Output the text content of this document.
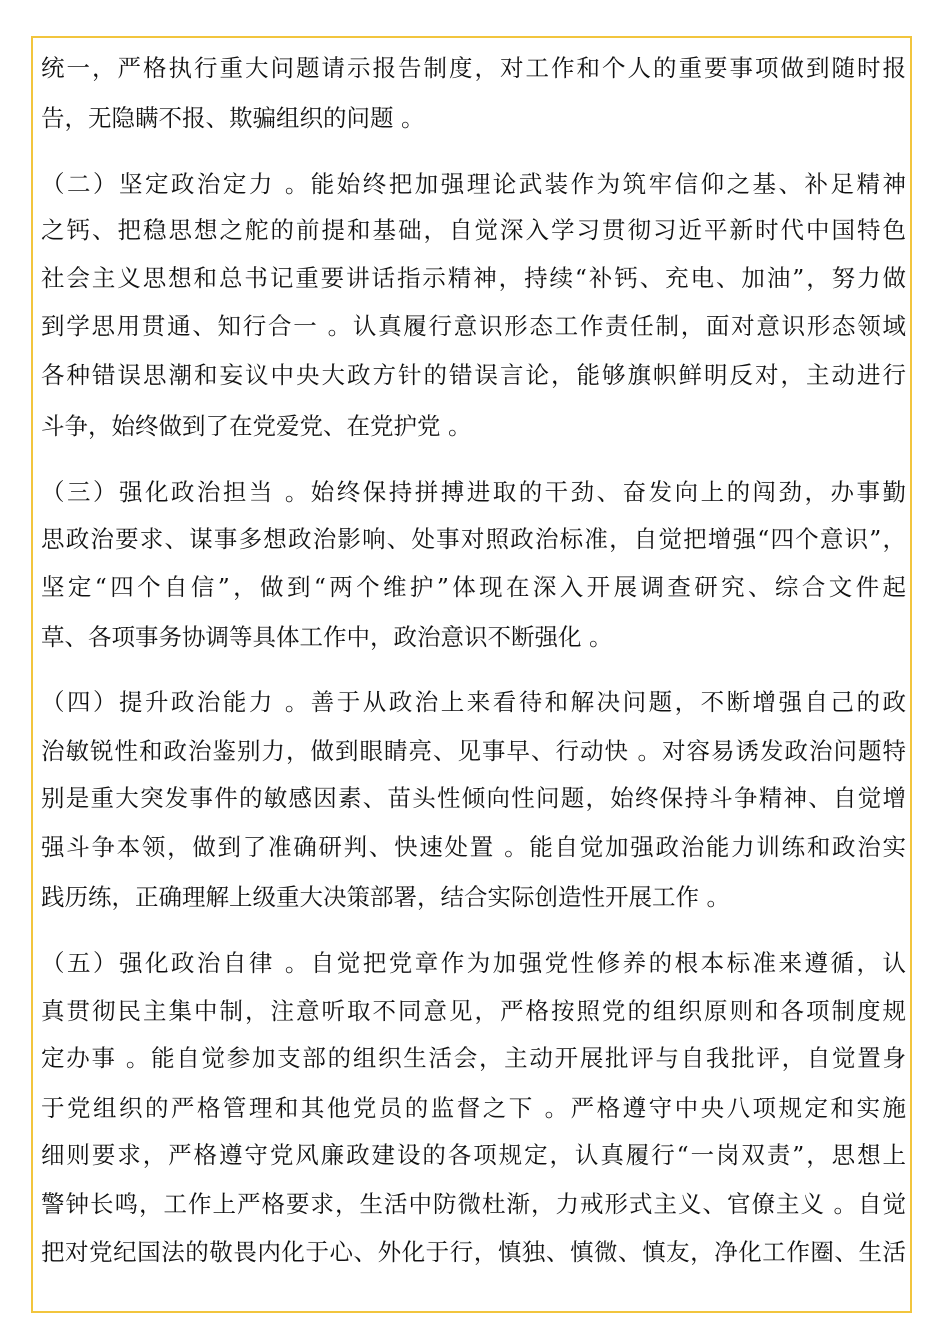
统一，严格执行重大问题请示报告制度，对工作和个人的重要事项做到随时报
告，无隐瞒不报、欺骗组织的问题 。
（二）坚定政治定力 。能始终把加强理论武装作为筑牢信仰之基、补足精神
之钙、把稳思想之舵的前提和基础，自觉深入学习贯彻习近平新时代中国特色
社会主义思想和总书记重要讲话指示精神，持续“补钙、充电、加油”，努力做
到学思用贯通、知行合一 。认真履行意识形态工作责任制，面对意识形态领域
各种错误思潮和妄议中央大政方针的错误言论，能够旗帜鲜明反对，主动进行
斗争，始终做到了在党爱党、在党护党 。
（三）强化政治担当 。始终保持拼搏进取的干劲、奋发向上的闯劲，办事勤
思政治要求、谋事多想政治影响、处事对照政治标准，自觉把增强“四个意识”，
坚定“四个自信”，做到“两个维护”体现在深入开展调查研究、综合文件起
草、各项事务协调等具体工作中，政治意识不断强化 。
（四）提升政治能力 。善于从政治上来看待和解决问题，不断增强自己的政
治敏锐性和政治鉴别力，做到眼睛亮、见事早、行动快 。对容易诱发政治问题特
别是重大突发事件的敏感因素、苗头性倾向性问题，始终保持斗争精神、自觉增
强斗争本领，做到了准确研判、快速处置 。能自觉加强政治能力训练和政治实
践历练，正确理解上级重大决策部署，结合实际创造性开展工作 。
（五）强化政治自律 。自觉把党章作为加强党性修养的根本标准来遵循，认
真贯彻民主集中制，注意听取不同意见，严格按照党的组织原则和各项制度规
定办事 。能自觉参加支部的组织生活会，主动开展批评与自我批评，自觉置身
于党组织的严格管理和其他党员的监督之下 。严格遵守中央八项规定和实施
细则要求，严格遵守党风廉政建设的各项规定，认真履行“一岗双责”，思想上
警钟长鸣，工作上严格要求，生活中防微杜渐，力戒形式主义、官僚主义 。自觉
把对党纪国法的敬畏内化于心、外化于行，慎独、慎微、慎友，净化工作圈、生活
